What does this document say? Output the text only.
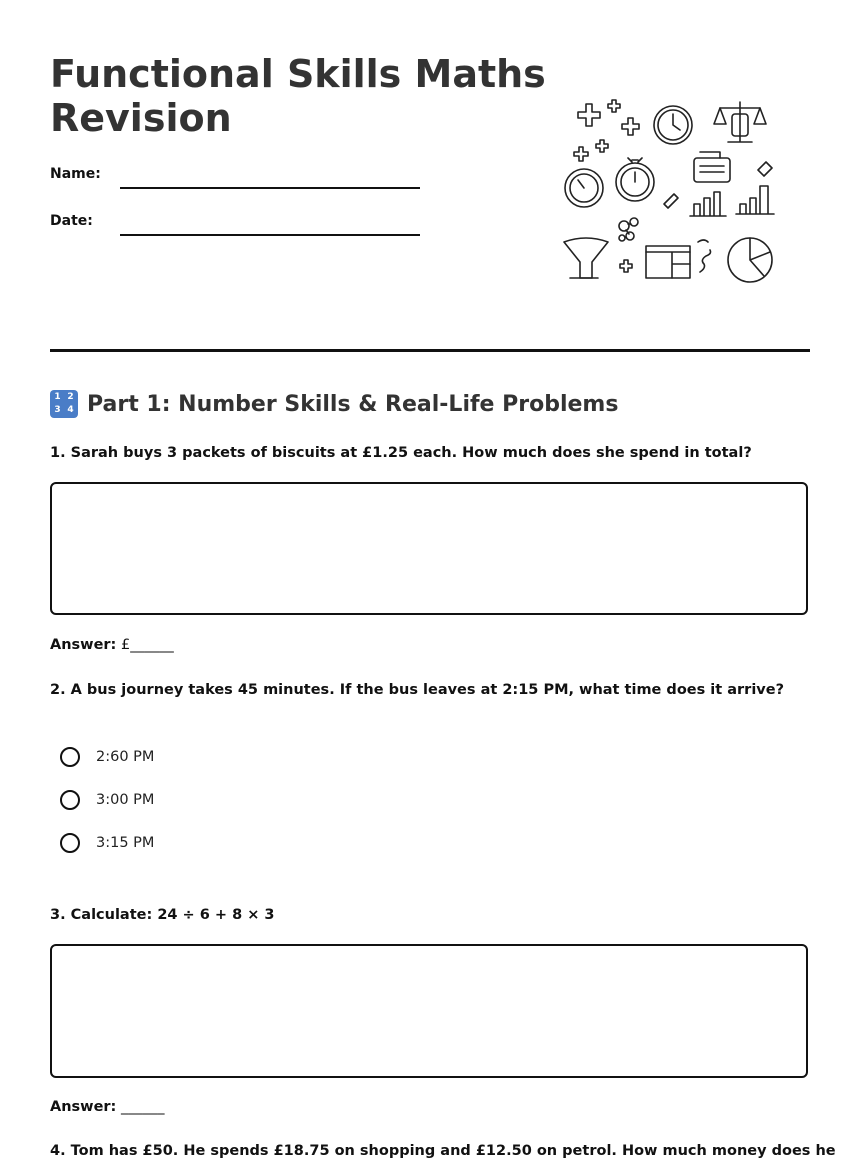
Functional Skills Maths Revision
Name:
Date:
1 2
3 4 Part 1: Number Skills & Real-Life Problems
1. Sarah buys 3 packets of biscuits at £1.25 each. How much does she spend in total?
Answer: £______
2. A bus journey takes 45 minutes. If the bus leaves at 2:15 PM, what time does it arrive?
2:60 PM
3:00 PM
3:15 PM
3. Calculate: 24 ÷ 6 + 8 × 3
Answer: ______
4. Tom has £50. He spends £18.75 on shopping and £12.50 on petrol. How much money does he
